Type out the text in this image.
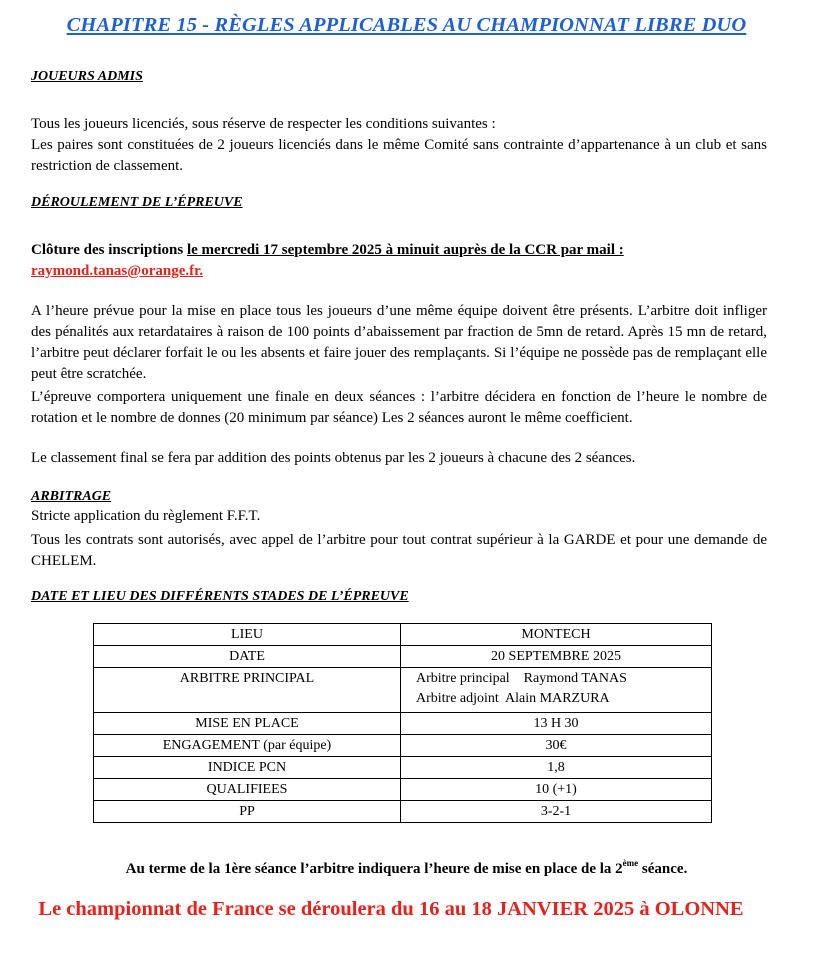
CHAPITRE 15 - RÈGLES APPLICABLES AU CHAMPIONNAT LIBRE DUO
JOUEURS ADMIS
Tous les joueurs licenciés, sous réserve de respecter les conditions suivantes :

Les paires sont constituées de 2 joueurs licenciés dans le même Comité sans contrainte d’appartenance à un club et sans restriction de classement.

DÉROULEMENT DE L’ÉPREUVE
Clôture des inscriptions le mercredi 17 septembre 2025 à minuit auprès de la CCR par mail :
raymond.tanas@orange.fr.

A l’heure prévue pour la mise en place tous les joueurs d’une même équipe doivent être présents. L’arbitre doit infliger des pénalités aux retardataires à raison de 100 points d’abaissement par fraction de 5mn de retard. Après 15 mn de retard, l’arbitre peut déclarer forfait le ou les absents et faire jouer des remplaçants. Si l’équipe ne possède pas de remplaçant elle peut être scratchée.

L’épreuve comportera uniquement une finale en deux séances : l’arbitre décidera en fonction de l’heure le nombre de rotation et le nombre de donnes (20 minimum par séance) Les 2 séances auront le même coefficient.

Le classement final se fera par addition des points obtenus par les 2 joueurs à chacune des 2 séances.
ARBITRAGE
Stricte application du règlement F.F.T.

Tous les contrats sont autorisés, avec appel de l’arbitre pour tout contrat supérieur à la GARDE et pour une demande de CHELEM.

DATE ET LIEU DES DIFFÉRENTS STADES DE L’ÉPREUVE
LIEU	MONTECH
DATE	20 SEPTEMBRE 2025
ARBITRE PRINCIPAL	Arbitre principal    Raymond TANAS
Arbitre adjoint  Alain MARZURA

MISE EN PLACE	13 H 30
ENGAGEMENT (par équipe)	30€
INDICE PCN	1,8
QUALIFIEES	10 (+1)
PP	3-2-1
Au terme de la 1ère séance l’arbitre indiquera l’heure de mise en place de la 2ème séance.
Le championnat de France se déroulera du 16 au 18 JANVIER 2025 à OLONNE
